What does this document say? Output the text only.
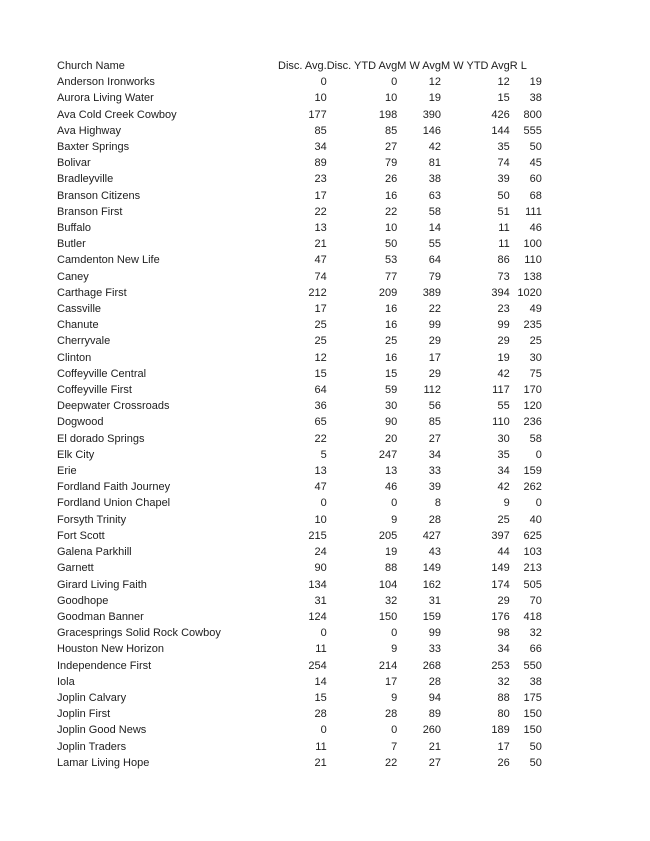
Church Name	Disc. Avg.	Disc. YTD Avg	M W Avg	M W YTD Avg	R L
Anderson Ironworks	0	0	12	12	19
Aurora Living Water	10	10	19	15	38
Ava Cold Creek Cowboy	177	198	390	426	800
Ava Highway	85	85	146	144	555
Baxter Springs	34	27	42	35	50
Bolivar	89	79	81	74	45
Bradleyville	23	26	38	39	60
Branson Citizens	17	16	63	50	68
Branson First	22	22	58	51	111
Buffalo	13	10	14	11	46
Butler	21	50	55	11	100
Camdenton New Life	47	53	64	86	110
Caney	74	77	79	73	138
Carthage First	212	209	389	394	1020
Cassville	17	16	22	23	49
Chanute	25	16	99	99	235
Cherryvale	25	25	29	29	25
Clinton	12	16	17	19	30
Coffeyville Central	15	15	29	42	75
Coffeyville First	64	59	112	117	170
Deepwater Crossroads	36	30	56	55	120
Dogwood	65	90	85	110	236
El dorado Springs	22	20	27	30	58
Elk City	5	247	34	35	0
Erie	13	13	33	34	159
Fordland Faith Journey	47	46	39	42	262
Fordland Union Chapel	0	0	8	9	0
Forsyth Trinity	10	9	28	25	40
Fort Scott	215	205	427	397	625
Galena Parkhill	24	19	43	44	103
Garnett	90	88	149	149	213
Girard Living Faith	134	104	162	174	505
Goodhope	31	32	31	29	70
Goodman Banner	124	150	159	176	418
Gracesprings Solid Rock Cowboy	0	0	99	98	32
Houston New Horizon	11	9	33	34	66
Independence First	254	214	268	253	550
Iola	14	17	28	32	38
Joplin Calvary	15	9	94	88	175
Joplin First	28	28	89	80	150
Joplin Good News	0	0	260	189	150
Joplin Traders	11	7	21	17	50
Lamar Living Hope	21	22	27	26	50
